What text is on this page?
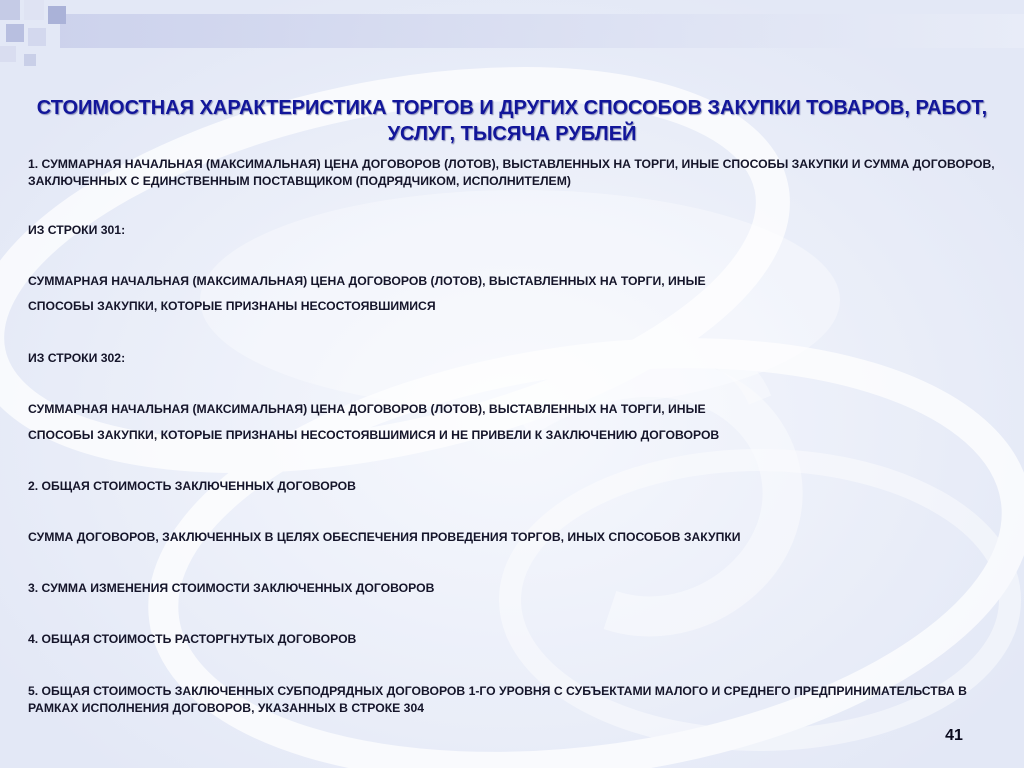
СТОИМОСТНАЯ ХАРАКТЕРИСТИКА ТОРГОВ И ДРУГИХ СПОСОБОВ ЗАКУПКИ ТОВАРОВ, РАБОТ, УСЛУГ, ТЫСЯЧА РУБЛЕЙ

1. СУММАРНАЯ НАЧАЛЬНАЯ (МАКСИМАЛЬНАЯ) ЦЕНА ДОГОВОРОВ (ЛОТОВ), ВЫСТАВЛЕННЫХ НА ТОРГИ, ИНЫЕ СПОСОБЫ ЗАКУПКИ И СУММА ДОГОВОРОВ, ЗАКЛЮЧЕННЫХ С ЕДИНСТВЕННЫМ ПОСТАВЩИКОМ (ПОДРЯДЧИКОМ, ИСПОЛНИТЕЛЕМ)

ИЗ СТРОКИ 301:

СУММАРНАЯ НАЧАЛЬНАЯ (МАКСИМАЛЬНАЯ) ЦЕНА ДОГОВОРОВ (ЛОТОВ), ВЫСТАВЛЕННЫХ НА ТОРГИ, ИНЫЕ

СПОСОБЫ ЗАКУПКИ, КОТОРЫЕ ПРИЗНАНЫ НЕСОСТОЯВШИМИСЯ

ИЗ СТРОКИ 302:

СУММАРНАЯ НАЧАЛЬНАЯ (МАКСИМАЛЬНАЯ) ЦЕНА ДОГОВОРОВ (ЛОТОВ), ВЫСТАВЛЕННЫХ НА ТОРГИ, ИНЫЕ

СПОСОБЫ ЗАКУПКИ, КОТОРЫЕ ПРИЗНАНЫ НЕСОСТОЯВШИМИСЯ И НЕ ПРИВЕЛИ К ЗАКЛЮЧЕНИЮ ДОГОВОРОВ

2. ОБЩАЯ СТОИМОСТЬ ЗАКЛЮЧЕННЫХ ДОГОВОРОВ

СУММА ДОГОВОРОВ, ЗАКЛЮЧЕННЫХ В ЦЕЛЯХ ОБЕСПЕЧЕНИЯ ПРОВЕДЕНИЯ ТОРГОВ, ИНЫХ СПОСОБОВ ЗАКУПКИ

3. СУММА ИЗМЕНЕНИЯ СТОИМОСТИ ЗАКЛЮЧЕННЫХ ДОГОВОРОВ

4. ОБЩАЯ СТОИМОСТЬ РАСТОРГНУТЫХ ДОГОВОРОВ

5. ОБЩАЯ СТОИМОСТЬ ЗАКЛЮЧЕННЫХ СУБПОДРЯДНЫХ ДОГОВОРОВ 1-ГО УРОВНЯ С СУБЪЕКТАМИ МАЛОГО И СРЕДНЕГО ПРЕДПРИНИМАТЕЛЬСТВА В РАМКАХ ИСПОЛНЕНИЯ ДОГОВОРОВ, УКАЗАННЫХ В СТРОКЕ 304

41
